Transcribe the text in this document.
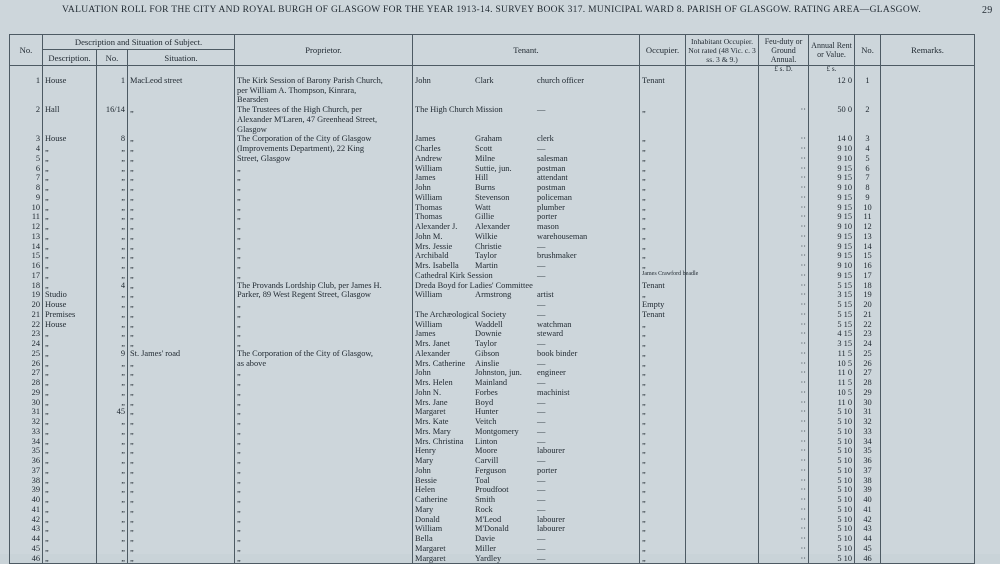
VALUATION ROLL FOR THE CITY AND ROYAL BURGH OF GLASGOW FOR THE YEAR 1913-14. SURVEY BOOK 317. MUNICIPAL WARD 8. PARISH OF GLASGOW. RATING AREA—GLASGOW.	29
No.	Description and Situation of Subject.			Proprietor.	Tenant.	Occupier.	Inhabitant Occupier. Not rated (48 Vic. c. 3 ss. 3 & 9.)	Feu-duty or Ground Annual.	Annual Rent or Value.	No.	Remarks.
	Description.	No.	Situation.								
								£ s. D.	£ s.		
1	House	1	MacLeod street	The Kirk Session of Barony Parish Church,	John Clark church officer	Tenant			12 0	1	
				per William A. Thompson, Kinrara,							
				Bearsden							
2	Hall	16/14	„	The Trustees of the High Church, per	The High Church Mission —	„		··	50 0	2	
				Alexander M'Laren, 47 Greenhead Street,							
				Glasgow							
3	House	8	„	The Corporation of the City of Glasgow	James Graham clerk	„		··	14 0	3	
4	„	„	„	(Improvements Department), 22 King	Charles Scott —	„		··	9 10	4	
5	„	„	„	Street, Glasgow	Andrew Milne salesman	„		··	9 10	5	
6	„	„	„	„	William Suttie, jun. postman	„		··	9 15	6	
7	„	„	„	„	James Hill attendant	„		··	9 15	7	
8	„	„	„	„	John Burns postman	„		··	9 10	8	
9	„	„	„	„	William Stevenson policeman	„		··	9 15	9	
10	„	„	„	„	Thomas Watt plumber	„		··	9 15	10	
11	„	„	„	„	Thomas Gillie porter	„		··	9 15	11	
12	„	„	„	„	Alexander J. Alexander mason	„		··	9 10	12	
13	„	„	„	„	John M. Wilkie warehouseman	„		··	9 15	13	
14	„	„	„	„	Mrs. Jessie Christie —	„		··	9 15	14	
15	„	„	„	„	Archibald Taylor brushmaker	„		··	9 15	15	
16	„	„	„	„	Mrs. Isabella Martin —	„		··	9 10	16	
17	„	„	„	„	Cathedral Kirk Session —	James Crawford beadle		··	9 15	17	
18	„	4	„	The Provands Lordship Club, per James H.	Dreda Boyd for Ladies' Committee	Tenant		··	5 15	18	
19	Studio	„	„	Parker, 89 West Regent Street, Glasgow	William Armstrong artist	„		··	3 15	19	
20	House	„	„	„	—	Empty		··	5 15	20	
21	Premises	„	„	„	The Archæological Society —	Tenant		··	5 15	21	
22	House	„	„	„	William Waddell watchman	„		··	5 15	22	
23	„	„	„	„	James Downie steward	„		··	4 15	23	
24	„	„	„	„	Mrs. Janet Taylor —	„		··	3 15	24	
25	„	9	St. James' road	The Corporation of the City of Glasgow,	Alexander Gibson book binder	„		··	11 5	25	
26	„	„	„	as above	Mrs. Catherine Ainslie —	„		··	10 5	26	
27	„	„	„	„	John Johnston, jun. engineer	„		··	11 0	27	
28	„	„	„	„	Mrs. Helen Mainland —	„		··	11 5	28	
29	„	„	„	„	John N. Forbes machinist	„		··	10 5	29	
30	„	„	„	„	Mrs. Jane Boyd —	„		··	11 0	30	
31	„	45	„	„	Margaret Hunter —	„		··	5 10	31	
32	„	„	„	„	Mrs. Kate Veitch —	„		··	5 10	32	
33	„	„	„	„	Mrs. Mary Montgomery —	„		··	5 10	33	
34	„	„	„	„	Mrs. Christina Linton —	„		··	5 10	34	
35	„	„	„	„	Henry Moore labourer	„		··	5 10	35	
36	„	„	„	„	Mary Carvill —	„		··	5 10	36	
37	„	„	„	„	John Ferguson porter	„		··	5 10	37	
38	„	„	„	„	Bessie Toal —	„		··	5 10	38	
39	„	„	„	„	Helen Proudfoot —	„		··	5 10	39	
40	„	„	„	„	Catherine Smith —	„		··	5 10	40	
41	„	„	„	„	Mary Rock —	„		··	5 10	41	
42	„	„	„	„	Donald M'Leod labourer	„		··	5 10	42	
43	„	„	„	„	William M'Donald labourer	„		··	5 10	43	
44	„	„	„	„	Bella Davie —	„		··	5 10	44	
45	„	„	„	„	Margaret Miller —	„		··	5 10	45	
46	„	„	„	„	Margaret Yardley —	„		··	5 10	46	
